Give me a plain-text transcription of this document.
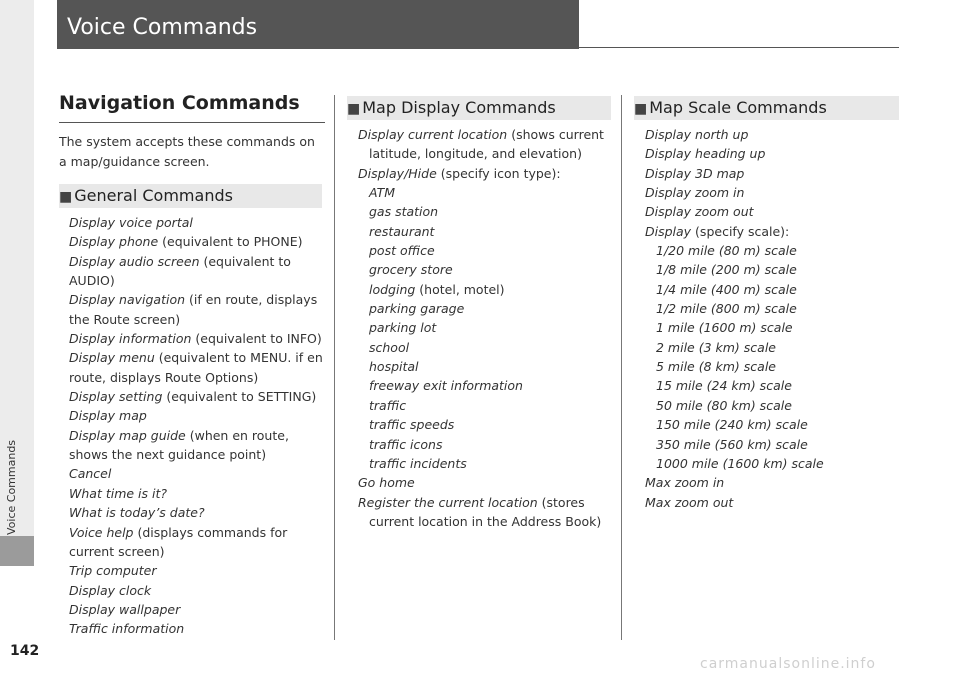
Voice Commands
142
Voice Commands
Navigation Commands
The system accepts these commands on a map/guidance screen.
■ General Commands
Display voice portal
Display phone (equivalent to PHONE)
Display audio screen (equivalent to AUDIO)
Display navigation (if en route, displays the Route screen)
Display information (equivalent to INFO)
Display menu (equivalent to MENU. if en route, displays Route Options)
Display setting (equivalent to SETTING)
Display map
Display map guide (when en route, shows the next guidance point)
Cancel
What time is it?
What is today’s date?
Voice help (displays commands for current screen)
Trip computer
Display clock
Display wallpaper
Traffic information
■ Map Display Commands
Display current location (shows current latitude, longitude, and elevation)
Display/Hide (specify icon type):
ATM
gas station
restaurant
post office
grocery store
lodging (hotel, motel)
parking garage
parking lot
school
hospital
freeway exit information
traffic
traffic speeds
traffic icons
traffic incidents
Go home
Register the current location (stores current location in the Address Book)
■ Map Scale Commands
Display north up
Display heading up
Display 3D map
Display zoom in
Display zoom out
Display (specify scale):
1/20 mile (80 m) scale
1/8 mile (200 m) scale
1/4 mile (400 m) scale
1/2 mile (800 m) scale
1 mile (1600 m) scale
2 mile (3 km) scale
5 mile (8 km) scale
15 mile (24 km) scale
50 mile (80 km) scale
150 mile (240 km) scale
350 mile (560 km) scale
1000 mile (1600 km) scale
Max zoom in
Max zoom out
carmanualsonline.info
